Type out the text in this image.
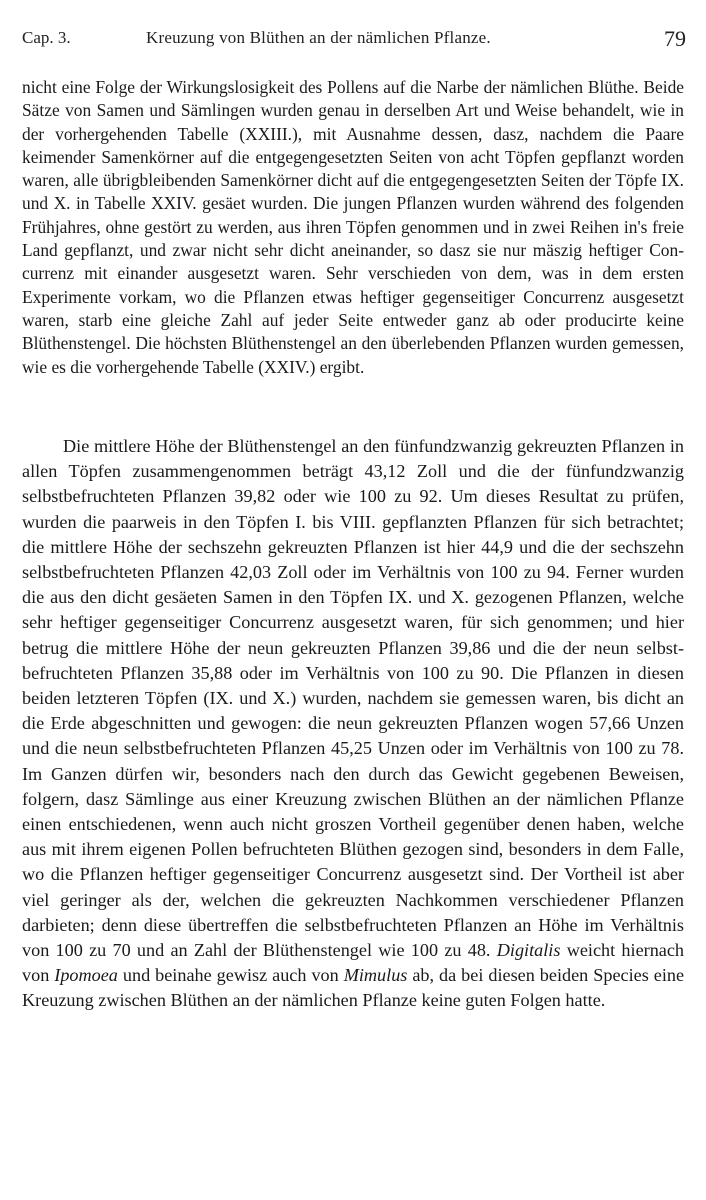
Cap. 3.	Kreuzung von Blüthen an der nämlichen Pflanze.	79

nicht eine Folge der Wirkungslosigkeit des Pollens auf die Narbe der nämlichen Blüthe. Beide Sätze von Samen und Sämlingen wurden genau in derselben Art und Weise behandelt, wie in der vorhergehenden Tabelle (XXIII.), mit Ausnahme dessen, dasz, nachdem die Paare keimender Samenkörner auf die entgegengesetzten Seiten von acht Töpfen gepflanzt worden waren, alle übrigbleibenden Samenkörner dicht auf die entgegengesetzten Seiten der Töpfe IX. und X. in Tabelle XXIV. gesäet wurden. Die jungen Pflanzen wurden während des folgenden Frühjahres, ohne gestört zu werden, aus ihren Töpfen genommen und in zwei Reihen in's freie Land gepflanzt, und zwar nicht sehr dicht aneinander, so dasz sie nur mäszig heftiger Concurrenz mit einander ausgesetzt waren. Sehr verschieden von dem, was in dem ersten Experimente vorkam, wo die Pflanzen etwas heftiger gegenseitiger Concurrenz ausgesetzt waren, starb eine gleiche Zahl auf jeder Seite entweder ganz ab oder producirte keine Blüthenstengel. Die höchsten Blüthenstengel an den überlebenden Pflanzen wurden gemessen, wie es die vorhergehende Tabelle (XXIV.) ergibt.

Die mittlere Höhe der Blüthenstengel an den fünfundzwanzig gekreuzten Pflanzen in allen Töpfen zusammengenommen beträgt 43,12 Zoll und die der fünfundzwanzig selbstbefruchteten Pflanzen 39,82 oder wie 100 zu 92. Um dieses Resultat zu prüfen, wurden die paarweis in den Töpfen I. bis VIII. gepflanzten Pflanzen für sich betrachtet; die mittlere Höhe der sechszehn gekreuzten Pflanzen ist hier 44,9 und die der sechszehn selbstbefruchteten Pflanzen 42,03 Zoll oder im Verhältnis von 100 zu 94. Ferner wurden die aus den dicht gesäeten Samen in den Töpfen IX. und X. gezogenen Pflanzen, welche sehr heftiger gegenseitiger Concurrenz ausgesetzt waren, für sich genommen; und hier betrug die mittlere Höhe der neun gekreuzten Pflanzen 39,86 und die der neun selbstbefruchteten Pflanzen 35,88 oder im Verhältnis von 100 zu 90. Die Pflanzen in diesen beiden letzteren Töpfen (IX. und X.) wurden, nachdem sie gemessen waren, bis dicht an die Erde abgeschnitten und gewogen: die neun gekreuzten Pflanzen wogen 57,66 Unzen und die neun selbstbefruchteten Pflanzen 45,25 Unzen oder im Verhältnis von 100 zu 78. Im Ganzen dürfen wir, besonders nach den durch das Gewicht gegebenen Beweisen, folgern, dasz Sämlinge aus einer Kreuzung zwischen Blüthen an der nämlichen Pflanze einen entschiedenen, wenn auch nicht groszen Vortheil gegenüber denen haben, welche aus mit ihrem eigenen Pollen befruchteten Blüthen gezogen sind, besonders in dem Falle, wo die Pflanzen heftiger gegenseitiger Concurrenz ausgesetzt sind. Der Vortheil ist aber viel geringer als der, welchen die gekreuzten Nachkommen verschiedener Pflanzen darbieten; denn diese übertreffen die selbstbefruchteten Pflanzen an Höhe im Verhältnis von 100 zu 70 und an Zahl der Blüthenstengel wie 100 zu 48. Digitalis weicht hiernach von Ipomoea und beinahe gewisz auch von Mimulus ab, da bei diesen beiden Species eine Kreuzung zwischen Blüthen an der nämlichen Pflanze keine guten Folgen hatte.
